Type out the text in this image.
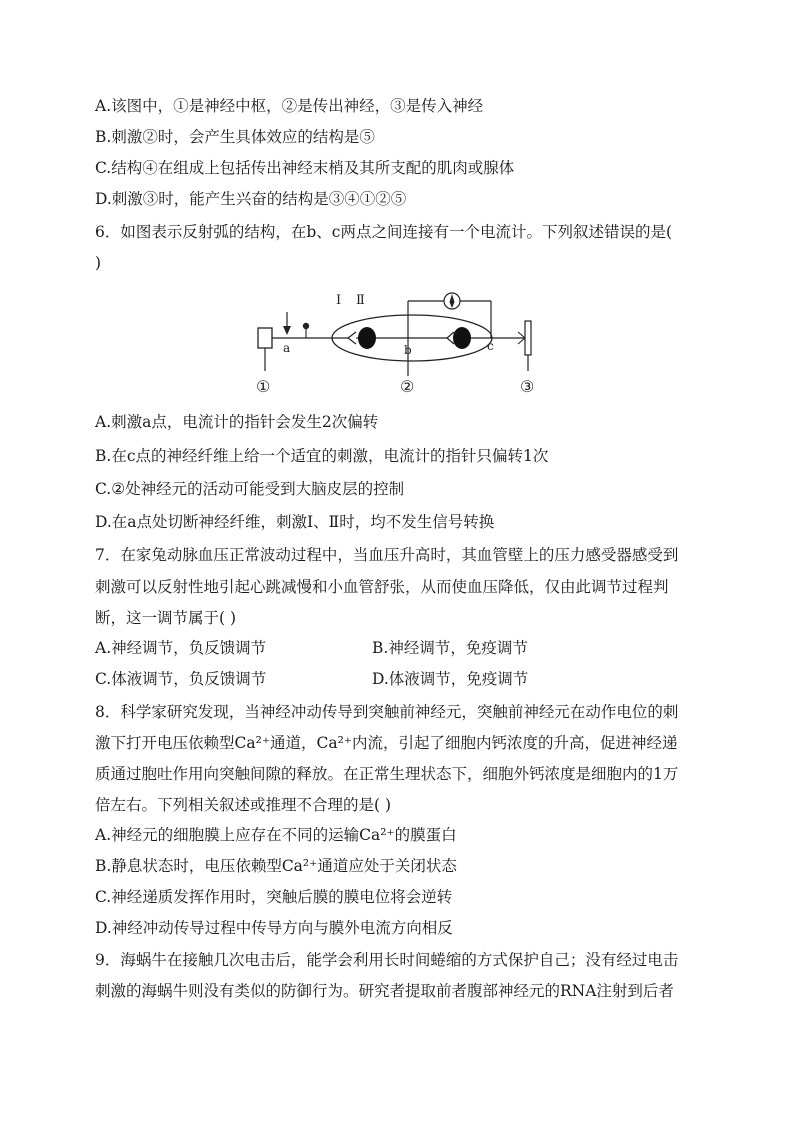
A.该图中，①是神经中枢，②是传出神经，③是传入神经
B.刺激②时，会产生具体效应的结构是⑤
C.结构④在组成上包括传出神经末梢及其所支配的肌肉或腺体
D.刺激③时，能产生兴奋的结构是③④①②⑤
6．如图表示反射弧的结构，在b、c两点之间连接有一个电流计。下列叙述错误的是(
)
Ⅰ Ⅱ
a	b	c
①	②	③
A.刺激a点，电流计的指针会发生2次偏转
B.在c点的神经纤维上给一个适宜的刺激，电流计的指针只偏转1次
C.②处神经元的活动可能受到大脑皮层的控制
D.在a点处切断神经纤维，刺激Ⅰ、Ⅱ时，均不发生信号转换
7．在家兔动脉血压正常波动过程中，当血压升高时，其血管壁上的压力感受器感受到
刺激可以反射性地引起心跳减慢和小血管舒张，从而使血压降低，仅由此调节过程判
断，这一调节属于( )
A.神经调节，负反馈调节	B.神经调节，免疫调节
C.体液调节，负反馈调节	D.体液调节，免疫调节
8．科学家研究发现，当神经冲动传导到突触前神经元，突触前神经元在动作电位的刺
激下打开电压依赖型Ca²⁺通道，Ca²⁺内流，引起了细胞内钙浓度的升高，促进神经递
质通过胞吐作用向突触间隙的释放。在正常生理状态下，细胞外钙浓度是细胞内的1万
倍左右。下列相关叙述或推理不合理的是( )
A.神经元的细胞膜上应存在不同的运输Ca²⁺的膜蛋白
B.静息状态时，电压依赖型Ca²⁺通道应处于关闭状态
C.神经递质发挥作用时，突触后膜的膜电位将会逆转
D.神经冲动传导过程中传导方向与膜外电流方向相反
9．海蜗牛在接触几次电击后，能学会利用长时间蜷缩的方式保护自己；没有经过电击
刺激的海蜗牛则没有类似的防御行为。研究者提取前者腹部神经元的RNA注射到后者
